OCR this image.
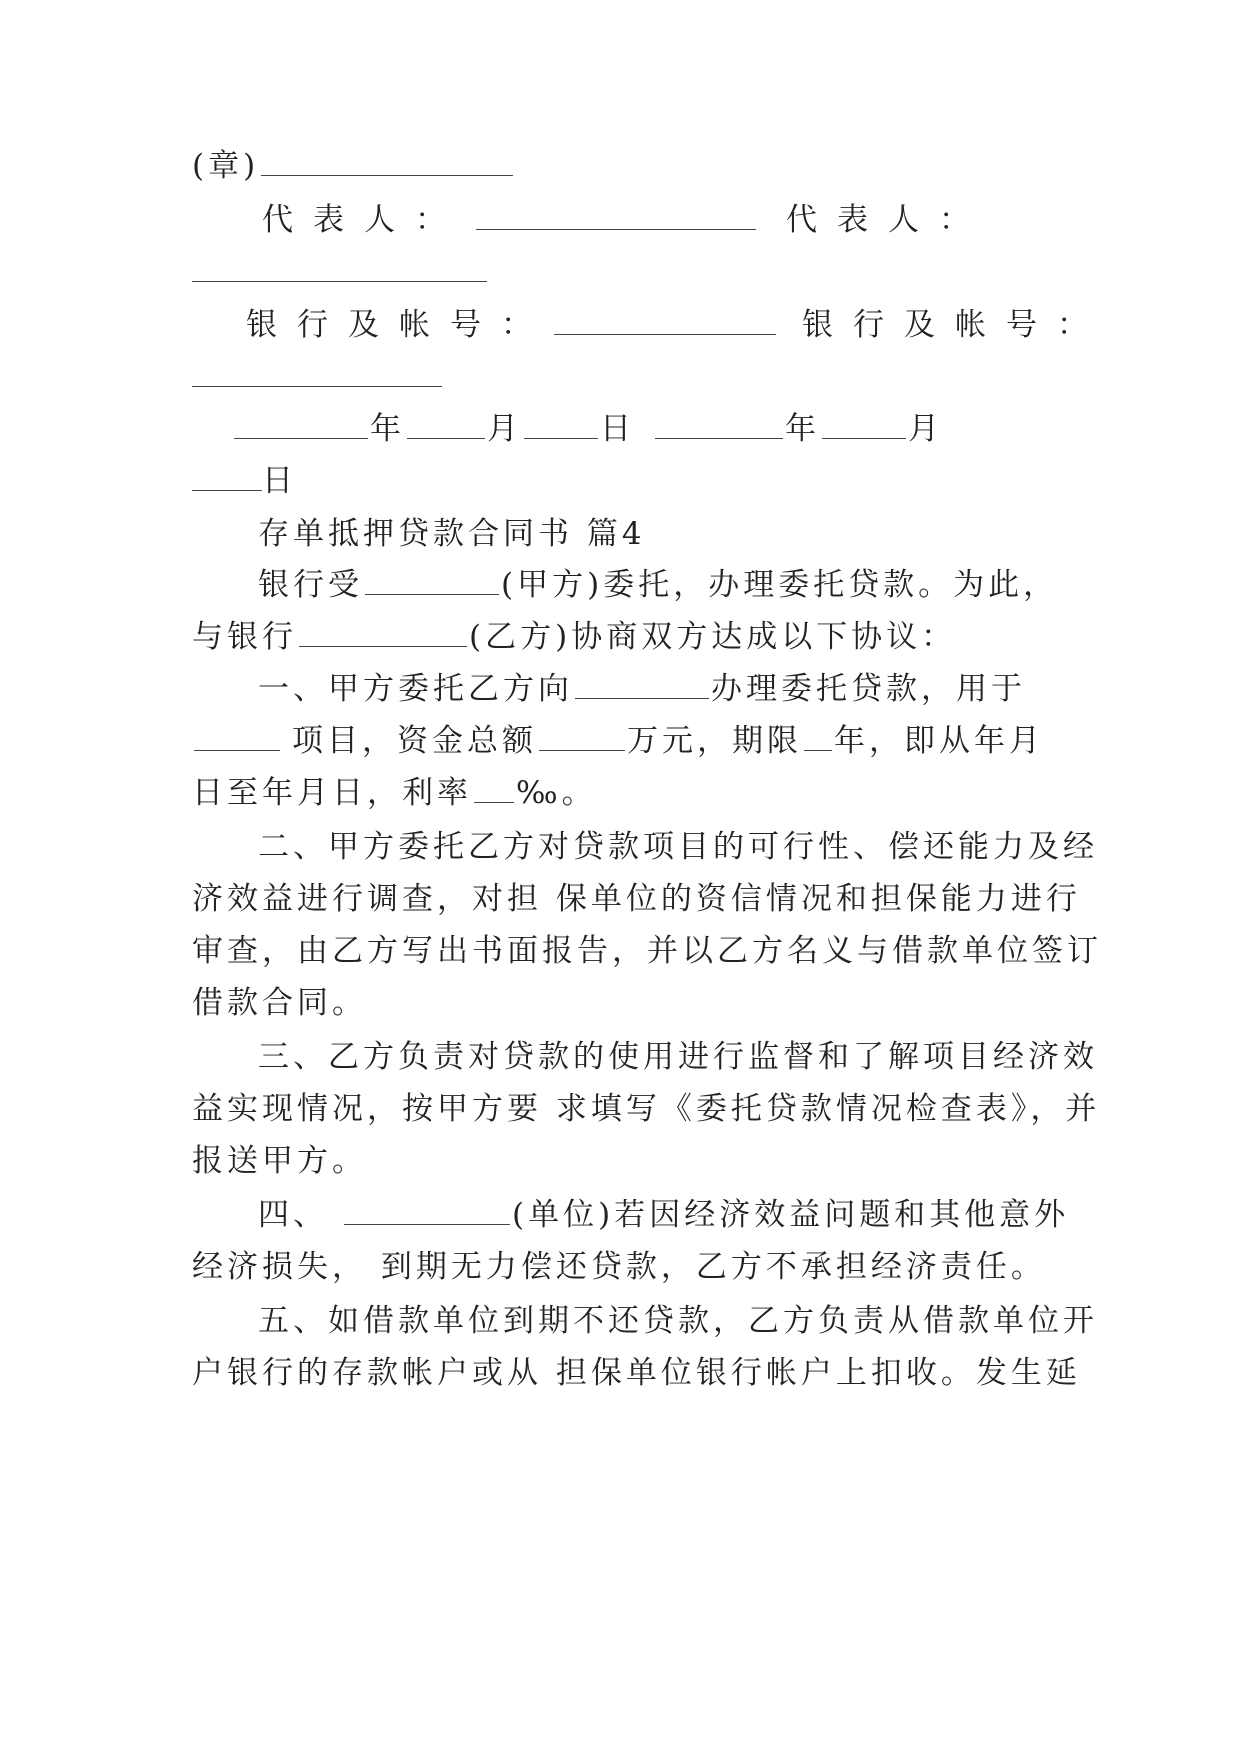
(章)
代表人：	代表人：
银行及帐号：	银行及帐号：
年	月	日	年	月
日
存单抵押贷款合同书 篇4
银行受	(甲方)委托，办理委托贷款。为此，
与银行	(乙方)协商双方达成以下协议：
一、甲方委托乙方向	办理委托贷款，用于
项目，资金总额	万元，期限 年，即从年月
日至年月日，利率 ‰。
二、甲方委托乙方对贷款项目的可行性、偿还能力及经
济效益进行调查，对担 保单位的资信情况和担保能力进行
审查，由乙方写出书面报告，并以乙方名义与借款单位签订
借款合同。
三、乙方负责对贷款的使用进行监督和了解项目经济效
益实现情况，按甲方要 求填写《委托贷款情况检查表》，并
报送甲方。
四、	(单位)若因经济效益问题和其他意外
经济损失， 到期无力偿还贷款，乙方不承担经济责任。
五、如借款单位到期不还贷款，乙方负责从借款单位开
户银行的存款帐户或从 担保单位银行帐户上扣收。发生延
